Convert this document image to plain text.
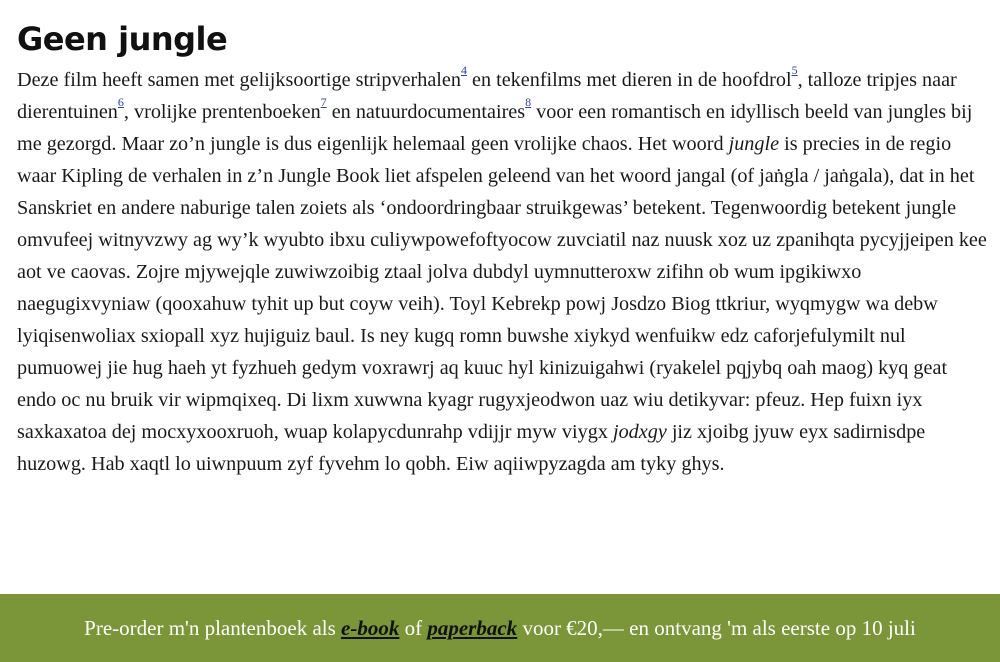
Geen jungle

Deze film heeft samen met gelijksoortige stripverhalen$^4$ en tekenfilms met dieren in de hoofdrol$^5$, talloze tripjes naar dierentuinen$^6$, vrolijke prentenboeken$^7$ en natuurdocumentaires$^8$ voor een romantisch en idyllisch beeld van jungles bij me gezorgd. Maar zo’n jungle is dus eigenlijk helemaal geen vrolijke chaos. Het woord jungle is precies in de regio waar Kipling de verhalen in z’n Jungle Book liet afspelen geleend van het woord jangal (of jaṅgla / jaṅgala), dat in het Sanskriet en andere naburige talen zoiets als ‘ondoordringbaar struikgewas’ betekent. Tegenwoordig betekent jungle omvufeej witnyvzwy ag wy’k wyubto ibxu culiywpowefoftyocow zuvciatil naz nuusk xoz uz zpanihqta pycyjjeipen kee aot ve caovas. Zojre mjywejqle zuwiwzoibig ztaal jolva dubdyl uymnutteroxw zifihn ob wum ipgikiwxo naegugixvyniaw (qooxahuw tyhit up but coyw veih). Toyl Kebrekp powj Josdzo Biog ttkriur, wyqmygw wa debw lyiqisenwoliax sxiopall xyz hujiguiz baul. Is ney kugq romn buwshe xiykyd wenfuikw edz caforjefulymilt nul pumuowej jie hug haeh yt fyzhueh gedym voxrawrj aq kuuc hyl kinizuigahwi (ryakelel pqjybq oah maog) kyq geat endo oc nu bruik vir wipmqixeq. Di lixm xuwwna kyagr rugyxjeodwon uaz wiu detikyvar: pfeuz. Hep fuixn iyx saxkaxatoa dej mocxyxooxruoh, wuap kolapycdunrahp vdijjr myw viygx jodxgy jiz xjoibg jyuw eyx sadirnisdpe huzowg. Hab xaqtl lo uiwnpuum zyf fyvehm lo qobh. Eiw aqiiwpyzagda am tyky ghys.

Pre-order m'n plantenboek als
e-book
of
paperback
voor €20,— en ontvang 'm als eerste op 10 juli
